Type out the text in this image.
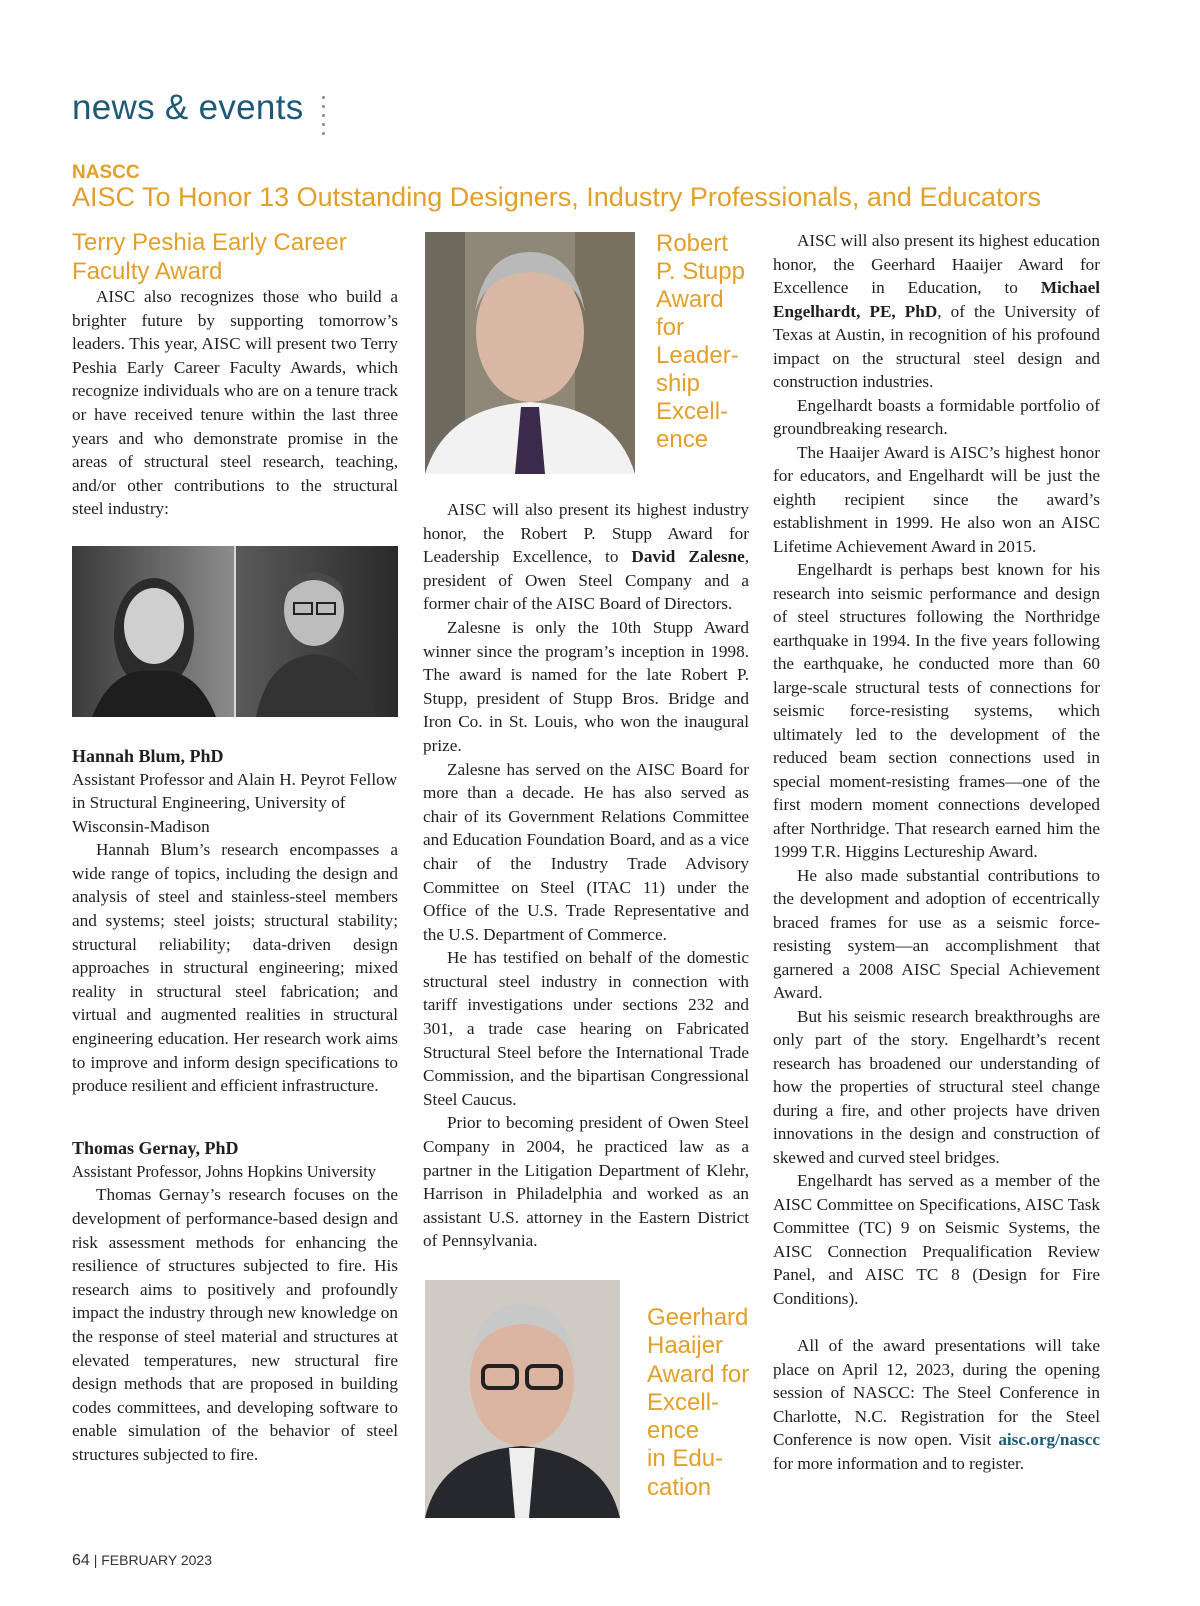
news & events
NASCC
AISC To Honor 13 Outstanding Designers, Industry Professionals, and Educators
Terry Peshia Early Career
Faculty Award

AISC also recognizes those who build a brighter future by supporting tomorrow’s leaders. This year, AISC will present two Terry Peshia Early Career Faculty Awards, which recognize individuals who are on a tenure track or have received tenure within the last three years and who demonstrate promise in the areas of structural steel research, teaching, and/or other contributions to the structural steel industry:

Hannah Blum, PhD
Assistant Professor and Alain H. Peyrot Fellow in Structural Engineering, University of Wisconsin-Madison

Hannah Blum’s research encompasses a wide range of topics, including the design and analysis of steel and stainless-steel members and systems; steel joists; structural stability; structural reliability; data-driven design approaches in structural engineering; mixed reality in structural steel fabrication; and virtual and augmented realities in structural engineering education. Her research work aims to improve and inform design specifications to produce resilient and efficient infrastructure.

Thomas Gernay, PhD
Assistant Professor, Johns Hopkins University

Thomas Gernay’s research focuses on the development of performance-based design and risk assessment methods for enhancing the resilience of structures subjected to fire. His research aims to positively and profoundly impact the industry through new knowledge on the response of steel material and structures at elevated temperatures, new structural fire design methods that are proposed in building codes committees, and developing software to enable simulation of the behavior of steel structures subjected to fire.

Robert
P. Stupp
Award
for
Leader-
ship
Excell-
ence

AISC will also present its highest industry honor, the Robert P. Stupp Award for Leadership Excellence, to David Zalesne, president of Owen Steel Company and a former chair of the AISC Board of Directors.

Zalesne is only the 10th Stupp Award winner since the program’s inception in 1998. The award is named for the late Robert P. Stupp, president of Stupp Bros. Bridge and Iron Co. in St. Louis, who won the inaugural prize.

Zalesne has served on the AISC Board for more than a decade. He has also served as chair of its Government Relations Committee and Education Foundation Board, and as a vice chair of the Industry Trade Advisory Committee on Steel (ITAC 11) under the Office of the U.S. Trade Representative and the U.S. Department of Commerce.

He has testified on behalf of the domestic structural steel industry in connection with tariff investigations under sections 232 and 301, a trade case hearing on Fabricated Structural Steel before the International Trade Commission, and the bipartisan Congressional Steel Caucus.

Prior to becoming president of Owen Steel Company in 2004, he practiced law as a partner in the Litigation Department of Klehr, Harrison in Philadelphia and worked as an assistant U.S. attorney in the Eastern District of Pennsylvania.

Geerhard
Haaijer
Award for
Excell-
ence
in Edu-
cation

AISC will also present its highest education honor, the Geerhard Haaijer Award for Excellence in Education, to Michael Engelhardt, PE, PhD, of the University of Texas at Austin, in recognition of his profound impact on the structural steel design and construction industries.

Engelhardt boasts a formidable portfolio of groundbreaking research.

The Haaijer Award is AISC’s highest honor for educators, and Engelhardt will be just the eighth recipient since the award’s establishment in 1999. He also won an AISC Lifetime Achievement Award in 2015.

Engelhardt is perhaps best known for his research into seismic performance and design of steel structures following the Northridge earthquake in 1994. In the five years following the earthquake, he conducted more than 60 large-scale structural tests of connections for seismic force-resisting systems, which ultimately led to the development of the reduced beam section connections used in special moment-resisting frames—one of the first modern moment connections developed after Northridge. That research earned him the 1999 T.R. Higgins Lectureship Award.

He also made substantial contributions to the development and adoption of eccentrically braced frames for use as a seismic force-resisting system—an accomplishment that garnered a 2008 AISC Special Achievement Award.

But his seismic research breakthroughs are only part of the story. Engelhardt’s recent research has broadened our understanding of how the properties of structural steel change during a fire, and other projects have driven innovations in the design and construction of skewed and curved steel bridges.

Engelhardt has served as a member of the AISC Committee on Specifications, AISC Task Committee (TC) 9 on Seismic Systems, the AISC Connection Prequalification Review Panel, and AISC TC 8 (Design for Fire Conditions).

All of the award presentations will take place on April 12, 2023, during the opening session of NASCC: The Steel Conference in Charlotte, N.C. Registration for the Steel Conference is now open. Visit aisc.org/nascc for more information and to register.

64 | FEBRUARY 2023
